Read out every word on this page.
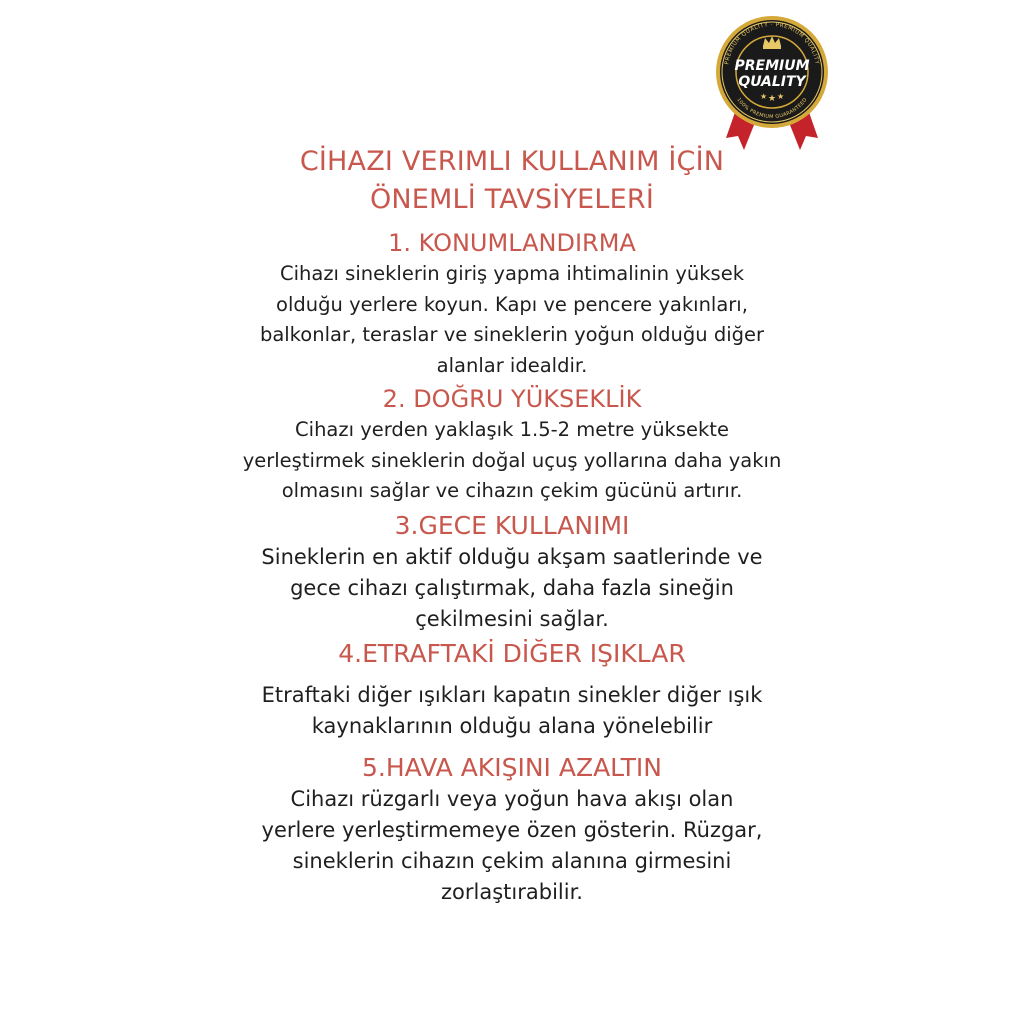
PREMIUM QUALITY · PREMIUM QUALITY
100% PREMIUM GUARANTEED
PREMIUM
QUALITY
★ ★ ★

CİHAZI VERIMLI KULLANIM İÇİN
ÖNEMLİ TAVSİYELERİ

1. KONUMLANDIRMA

Cihazı sineklerin giriş yapma ihtimalinin yüksek
olduğu yerlere koyun. Kapı ve pencere yakınları,
balkonlar, teraslar ve sineklerin yoğun olduğu diğer
alanlar idealdir.

2. DOĞRU YÜKSEKLİK

Cihazı yerden yaklaşık 1.5-2 metre yüksekte
yerleştirmek sineklerin doğal uçuş yollarına daha yakın
olmasını sağlar ve cihazın çekim gücünü artırır.

3.GECE KULLANIMI

Sineklerin en aktif olduğu akşam saatlerinde ve
gece cihazı çalıştırmak, daha fazla sineğin
çekilmesini sağlar.

4.ETRAFTAKİ DİĞER IŞIKLAR

Etraftaki diğer ışıkları kapatın sinekler diğer ışık
kaynaklarının olduğu alana yönelebilir

5.HAVA AKIŞINI AZALTIN

Cihazı rüzgarlı veya yoğun hava akışı olan
yerlere yerleştirmemeye özen gösterin. Rüzgar,
sineklerin cihazın çekim alanına girmesini
zorlaştırabilir.
